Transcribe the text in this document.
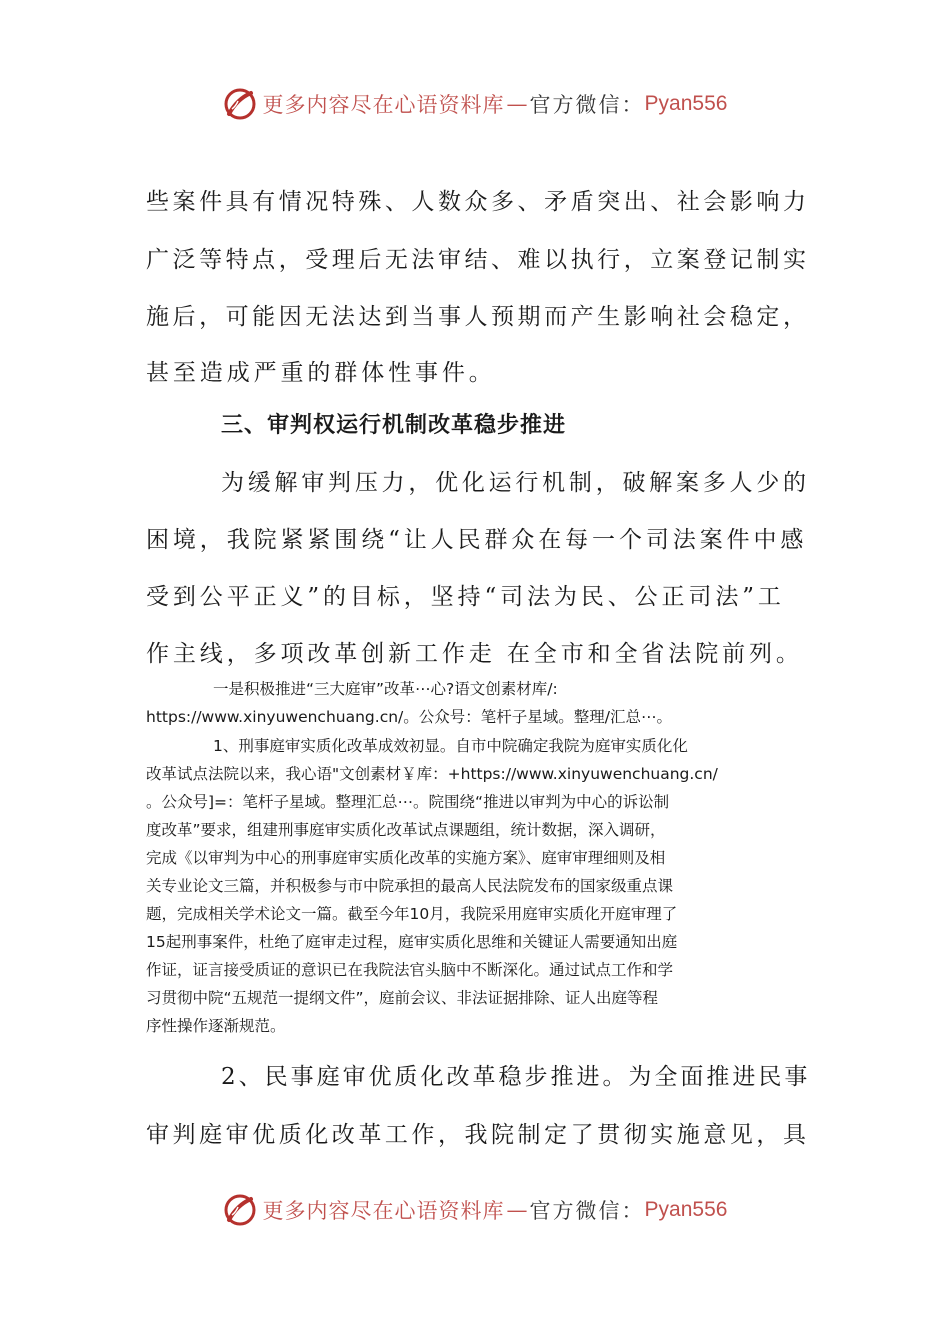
更多内容尽在心语资料库 — 官方微信： Pyan556
些案件具有情况特殊、人数众多、矛盾突出、社会影响力
广泛等特点，受理后无法审结、难以执行，立案登记制实
施后，可能因无法达到当事人预期而产生影响社会稳定，
甚至造成严重的群体性事件。
三、审判权运行机制改革稳步推进
为缓解审判压力，优化运行机制，破解案多人少的
困境，我院紧紧围绕“让人民群众在每一个司法案件中感
受到公平正义”的目标，坚持“司法为民、公正司法”工
作主线，多项改革创新工作走 在全市和全省法院前列。
一是积极推进“三大庭审”改革⋯心?语文创素材库/:
https://www.xinyuwenchuang.cn/。公众号：笔杆子星域。整理/汇总⋯。
1、刑事庭审实质化改革成效初显。自市中院确定我院为庭审实质化化
改革试点法院以来，我心语"文创素材￥库：+https://www.xinyuwenchuang.cn/
。公众号]=：笔杆子星域。整理汇总⋯。院围绕“推进以审判为中心的诉讼制
度改革”要求，组建刑事庭审实质化改革试点课题组，统计数据，深入调研，
完成《以审判为中心的刑事庭审实质化改革的实施方案》、庭审审理细则及相
关专业论文三篇，并积极参与市中院承担的最高人民法院发布的国家级重点课
题，完成相关学术论文一篇。截至今年10月，我院采用庭审实质化开庭审理了
15起刑事案件，杜绝了庭审走过程，庭审实质化思维和关键证人需要通知出庭
作证，证言接受质证的意识已在我院法官头脑中不断深化。通过试点工作和学
习贯彻中院“五规范一提纲文件”，庭前会议、非法证据排除、证人出庭等程
序性操作逐渐规范。
2、民事庭审优质化改革稳步推进。为全面推进民事
审判庭审优质化改革工作，我院制定了贯彻实施意见，具
更多内容尽在心语资料库 — 官方微信： Pyan556
